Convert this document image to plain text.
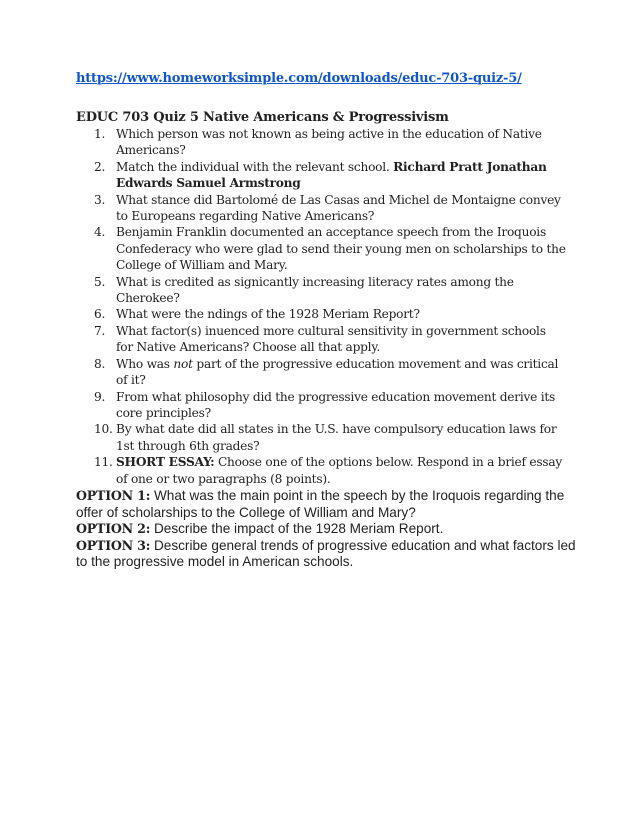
https://www.homeworksimple.com/downloads/educ-703-quiz-5/
EDUC 703 Quiz 5 Native Americans & Progressivism
1. Which person was not known as being active in the education of Native Americans?
2. Match the individual with the relevant school. Richard Pratt Jonathan Edwards Samuel Armstrong
3. What stance did Bartolomé de Las Casas and Michel de Montaigne convey to Europeans regarding Native Americans?
4. Benjamin Franklin documented an acceptance speech from the Iroquois Confederacy who were glad to send their young men on scholarships to the College of William and Mary.
5. What is credited as signicantly increasing literacy rates among the Cherokee?
6. What were the ndings of the 1928 Meriam Report?
7. What factor(s) inuenced more cultural sensitivity in government schools for Native Americans? Choose all that apply.
8. Who was not part of the progressive education movement and was critical of it?
9. From what philosophy did the progressive education movement derive its core principles?
10. By what date did all states in the U.S. have compulsory education laws for 1st through 6th grades?
11. SHORT ESSAY: Choose one of the options below. Respond in a brief essay of one or two paragraphs (8 points).
OPTION 1: What was the main point in the speech by the Iroquois regarding the offer of scholarships to the College of William and Mary?
OPTION 2: Describe the impact of the 1928 Meriam Report.
OPTION 3: Describe general trends of progressive education and what factors led to the progressive model in American schools.
